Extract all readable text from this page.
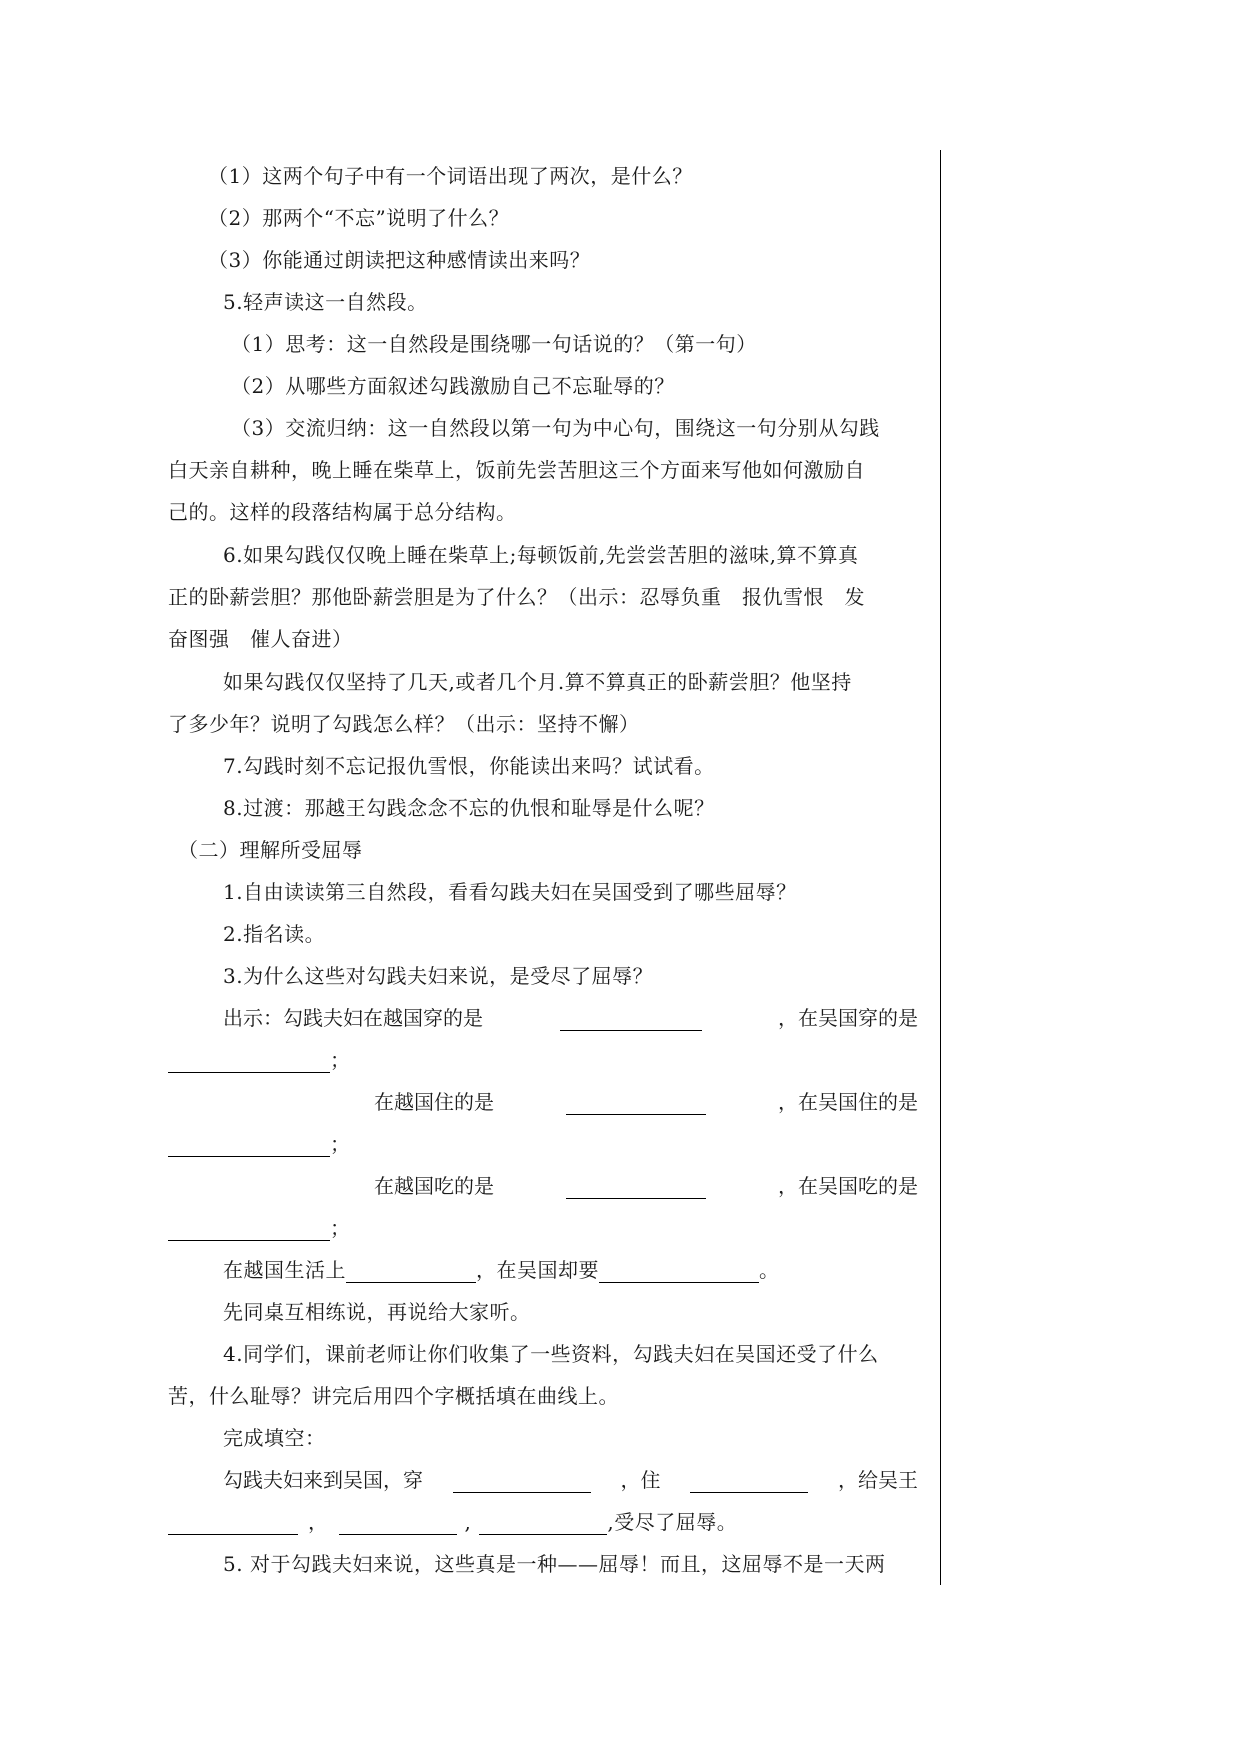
（1）这两个句子中有一个词语出现了两次，是什么？
（2）那两个“不忘”说明了什么？
（3）你能通过朗读把这种感情读出来吗？
5.轻声读这一自然段。
（1）思考：这一自然段是围绕哪一句话说的？（第一句）
（2）从哪些方面叙述勾践激励自己不忘耻辱的？
（3）交流归纳：这一自然段以第一句为中心句，围绕这一句分别从勾践
白天亲自耕种，晚上睡在柴草上，饭前先尝苦胆这三个方面来写他如何激励自
己的。这样的段落结构属于总分结构。
6.如果勾践仅仅晚上睡在柴草上;每顿饭前,先尝尝苦胆的滋味,算不算真
正的卧薪尝胆？那他卧薪尝胆是为了什么？（出示：忍辱负重　报仇雪恨　发
奋图强　催人奋进）
如果勾践仅仅坚持了几天,或者几个月.算不算真正的卧薪尝胆？他坚持
了多少年？说明了勾践怎么样？（出示：坚持不懈）
7.勾践时刻不忘记报仇雪恨，你能读出来吗？试试看。
8.过渡：那越王勾践念念不忘的仇恨和耻辱是什么呢？
（二）理解所受屈辱
1.自由读读第三自然段，看看勾践夫妇在吴国受到了哪些屈辱？
2.指名读。
3.为什么这些对勾践夫妇来说，是受尽了屈辱？
出示：勾践夫妇在越国穿的是	，在吴国穿的是
；
在越国住的是	，在吴国住的是
；
在越国吃的是	，在吴国吃的是
；
在越国生活上	，在吴国却要	。
先同桌互相练说，再说给大家听。
4.同学们，课前老师让你们收集了一些资料，勾践夫妇在吴国还受了什么
苦，什么耻辱？讲完后用四个字概括填在曲线上。
完成填空：
勾践夫妇来到吴国，穿	，住	，给吴王
，	,	,受尽了屈辱。
5. 对于勾践夫妇来说，这些真是一种——屈辱！而且，这屈辱不是一天两
